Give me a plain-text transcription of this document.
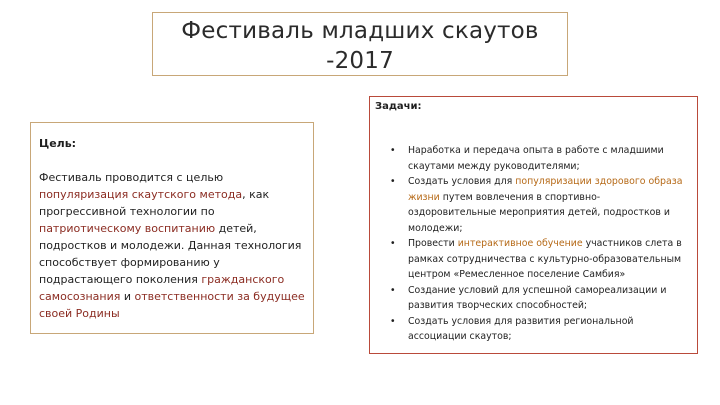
Фестиваль младших скаутов
-2017
Цель:
Фестиваль проводится с целью популяризация скаутского метода, как прогрессивной технологии по патриотическому воспитанию детей, подростков и молодежи. Данная технология способствует формированию у подрастающего поколения гражданского самосознания и ответственности за будущее своей Родины
Задачи:
• Наработка и передача опыта в работе с младшими скаутами между руководителями;
• Создать условия для популяризации здорового образа жизни путем вовлечения в спортивно-оздоровительные мероприятия детей, подростков и молодежи;
• Провести интерактивное обучение участников слета в рамках сотрудничества с культурно-образовательным центром «Ремесленное поселение Самбия»
• Создание условий для успешной самореализации и развития творческих способностей;
• Создать условия для развития региональной ассоциации скаутов;
